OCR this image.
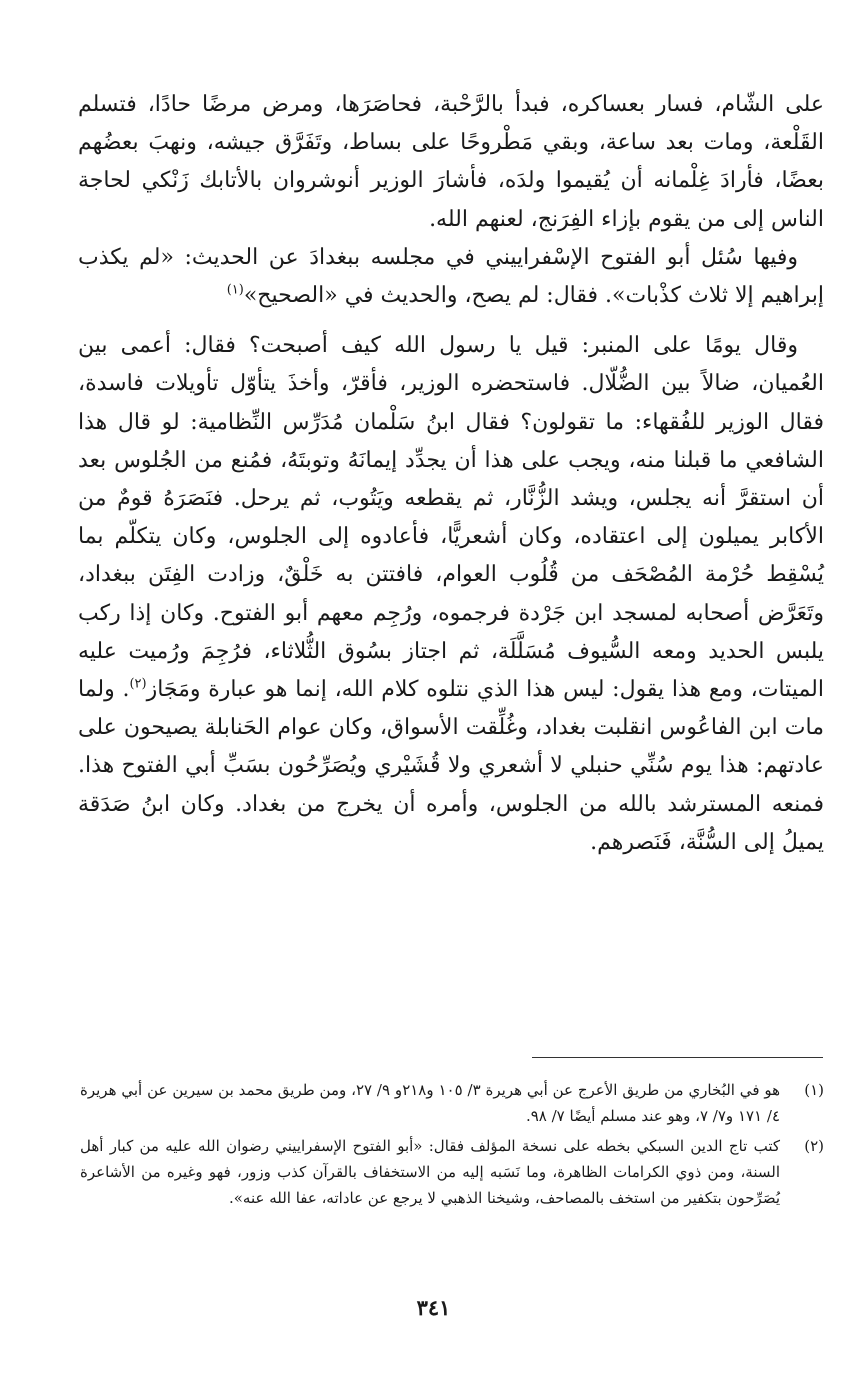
على الشّام، فسار بعساكره، فبدأ بالرَّحْبة، فحاصَرَها، ومرض مرضًا حادًا، فتسلم القَلْعة، ومات بعد ساعة، وبقي مَطْروحًا على بساط، وتَفَرَّق جيشه، ونهبَ بعضُهم بعضًا، فأرادَ غِلْمانه أن يُقيموا ولدَه، فأشارَ الوزير أنوشروان بالأتابك زَنْكي لحاجة الناس إلى من يقوم بإزاء الفِرَنج، لعنهم الله.

وفيها سُئل أبو الفتوح الإسْفراييني في مجلسه ببغدادَ عن الحديث: «لم يكذب إبراهيم إلا ثلاث كذْبات». فقال: لم يصح، والحديث في «الصحيح»$^{(١)}$

وقال يومًا على المنبر: قيل يا رسول الله كيف أصبحت؟ فقال: أعمى بين العُميان، ضالاً بين الضُّلّال. فاستحضره الوزير، فأقرّ، وأخذَ يتأوّل تأويلات فاسدة، فقال الوزير للفُقهاء: ما تقولون؟ فقال ابنُ سَلْمان مُدَرِّس النِّظامية: لو قال هذا الشافعي ما قبلنا منه، ويجب على هذا أن يجدِّد إيمانَهُ وتوبتَهُ، فمُنع من الجُلوس بعد أن استقرَّ أنه يجلس، ويشد الزُّنَّار، ثم يقطعه ويَتُوب، ثم يرحل. فنَصَرَهُ قومٌ من الأكابر يميلون إلى اعتقاده، وكان أشعريًّا، فأعادوه إلى الجلوس، وكان يتكلّم بما يُسْقِط حُرْمة المُصْحَف من قُلُوب العوام، فافتتن به خَلْقٌ، وزادت الفِتَن ببغداد، وتَعَرَّض أصحابه لمسجد ابن جَرْدة فرجموه، ورُجِم معهم أبو الفتوح. وكان إذا ركب يلبس الحديد ومعه السُّيوف مُسَلَّلَة، ثم اجتاز بسُوق الثُّلاثاء، فرُجِمَ ورُميت عليه الميتات، ومع هذا يقول: ليس هذا الذي نتلوه كلام الله، إنما هو عبارة ومَجَاز$^{(٢)}$. ولما مات ابن الفاعُوس انقلبت بغداد، وغُلِّقت الأسواق، وكان عوام الحَنابلة يصيحون على عادتهم: هذا يوم سُنِّي حنبلي لا أشعري ولا قُشَيْري ويُصَرِّحُون بسَبِّ أبي الفتوح هذا. فمنعه المسترشد بالله من الجلوس، وأمره أن يخرج من بغداد. وكان ابنُ صَدَقة يميلُ إلى السُّنَّة، فَنَصرهم.

(١)
هو في البُخاري من طريق الأعرج عن أبي هريرة ٣/ ١٠٥ و٢١٨و ٩/ ٢٧، ومن طريق محمد بن سيرين عن أبي هريرة ٤/ ١٧١ و٧/ ٧، وهو عند مسلم أيضًا ٧/ ٩٨.
(٢)
كتب تاج الدين السبكي بخطه على نسخة المؤلف فقال: «أبو الفتوح الإسفراييني رضوان الله عليه من كبار أهل السنة، ومن ذوي الكرامات الظاهرة، وما نَسَبه إليه من الاستخفاف بالقرآن كذب وزور، فهو وغيره من الأشاعرة يُصَرِّحون بتكفير من استخف بالمصاحف، وشيخنا الذهبي لا يرجع عن عاداته، عفا الله عنه».
٣٤١
